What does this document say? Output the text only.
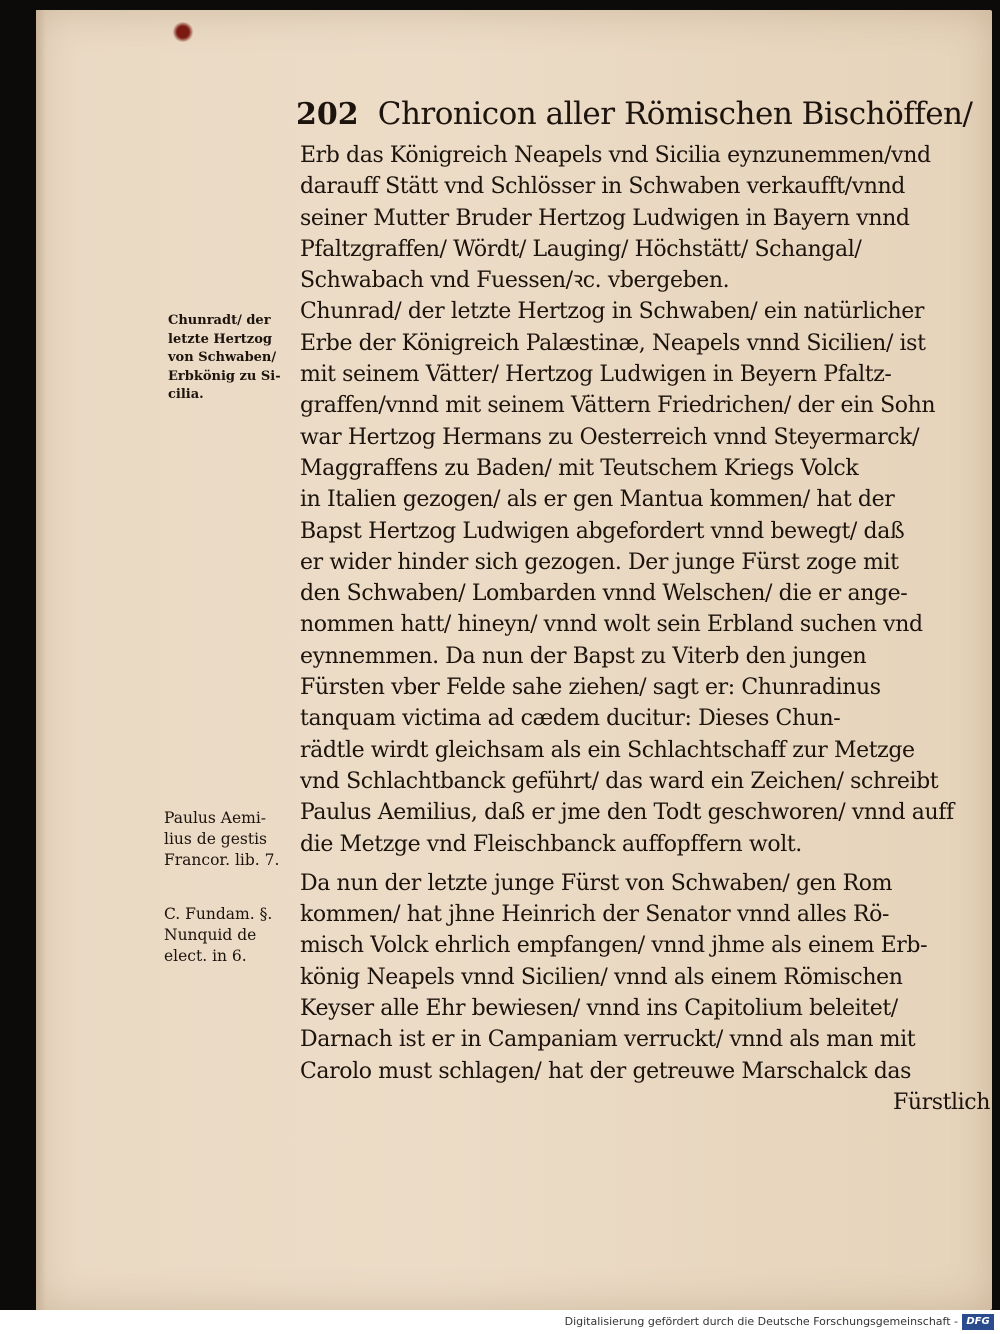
202 Chronicon aller Römischen Bischöffen/
Erb das Königreich Neapels vnd Sicilia eynzunemmen/vnd
darauff Stätt vnd Schlösser in Schwaben verkaufft/vnnd
seiner Mutter Bruder Hertzog Ludwigen in Bayern vnnd
Pfaltzgraffen/ Wördt/ Lauging/ Höchstätt/ Schangal/
Schwabach vnd Fuessen/ꝛc. vbergeben.
Chunrad/ der letzte Hertzog in Schwaben/ ein natürlicher
Erbe der Königreich Palæstinæ, Neapels vnnd Sicilien/ ist
mit seinem Vätter/ Hertzog Ludwigen in Beyern Pfaltz-
graffen/vnnd mit seinem Vättern Friedrichen/ der ein Sohn
war Hertzog Hermans zu Oesterreich vnnd Steyermarck/
Maggraffens zu Baden/ mit Teutschem Kriegs Volck
in Italien gezogen/ als er gen Mantua kommen/ hat der
Bapst Hertzog Ludwigen abgefordert vnnd bewegt/ daß
er wider hinder sich gezogen. Der junge Fürst zoge mit
den Schwaben/ Lombarden vnnd Welschen/ die er ange-
nommen hatt/ hineyn/ vnnd wolt sein Erbland suchen vnd
eynnemmen. Da nun der Bapst zu Viterb den jungen
Fürsten vber Felde sahe ziehen/ sagt er: Chunradinus
tanquam victima ad cædem ducitur: Dieses Chun-
rädtle wirdt gleichsam als ein Schlachtschaff zur Metzge
vnd Schlachtbanck geführt/ das ward ein Zeichen/ schreibt
Paulus Aemilius, daß er jme den Todt geschworen/ vnnd auff
die Metzge vnd Fleischbanck auffopffern wolt.
Da nun der letzte junge Fürst von Schwaben/ gen Rom
kommen/ hat jhne Heinrich der Senator vnnd alles Rö-
misch Volck ehrlich empfangen/ vnnd jhme als einem Erb-
könig Neapels vnnd Sicilien/ vnnd als einem Römischen
Keyser alle Ehr bewiesen/ vnnd ins Capitolium beleitet/
Darnach ist er in Campaniam verruckt/ vnnd als man mit
Carolo must schlagen/ hat der getreuwe Marschalck das
Fürstlich
Chunradt/ der
letzte Hertzog
von Schwaben/
Erbkönig zu Si-
cilia.
Paulus Aemi-
lius de gestis
Francor. lib. 7.
C. Fundam. §.
Nunquid de
elect. in 6.
Digitalisierung gefördert durch die Deutsche Forschungsgemeinschaft - DFG
